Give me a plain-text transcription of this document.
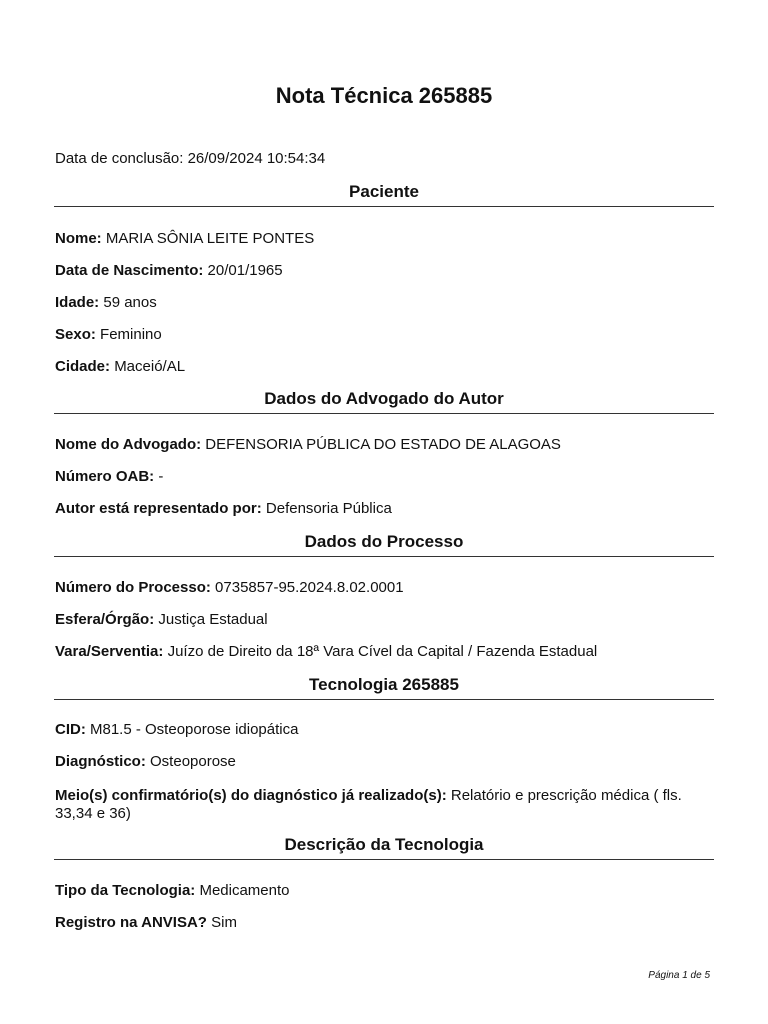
Nota Técnica 265885
Data de conclusão: 26/09/2024 10:54:34
Paciente
Nome: MARIA SÔNIA LEITE PONTES
Data de Nascimento: 20/01/1965
Idade: 59 anos
Sexo: Feminino
Cidade: Maceió/AL
Dados do Advogado do Autor
Nome do Advogado: DEFENSORIA PÚBLICA DO ESTADO DE ALAGOAS
Número OAB: -
Autor está representado por: Defensoria Pública
Dados do Processo
Número do Processo: 0735857-95.2024.8.02.0001
Esfera/Órgão: Justiça Estadual
Vara/Serventia: Juízo de Direito da 18ª Vara Cível da Capital / Fazenda Estadual
Tecnologia 265885
CID: M81.5 - Osteoporose idiopática
Diagnóstico: Osteoporose
Meio(s) confirmatório(s) do diagnóstico já realizado(s): Relatório e prescrição médica ( fls. 33,34 e 36)
Descrição da Tecnologia
Tipo da Tecnologia: Medicamento
Registro na ANVISA? Sim
Página 1 de 5
